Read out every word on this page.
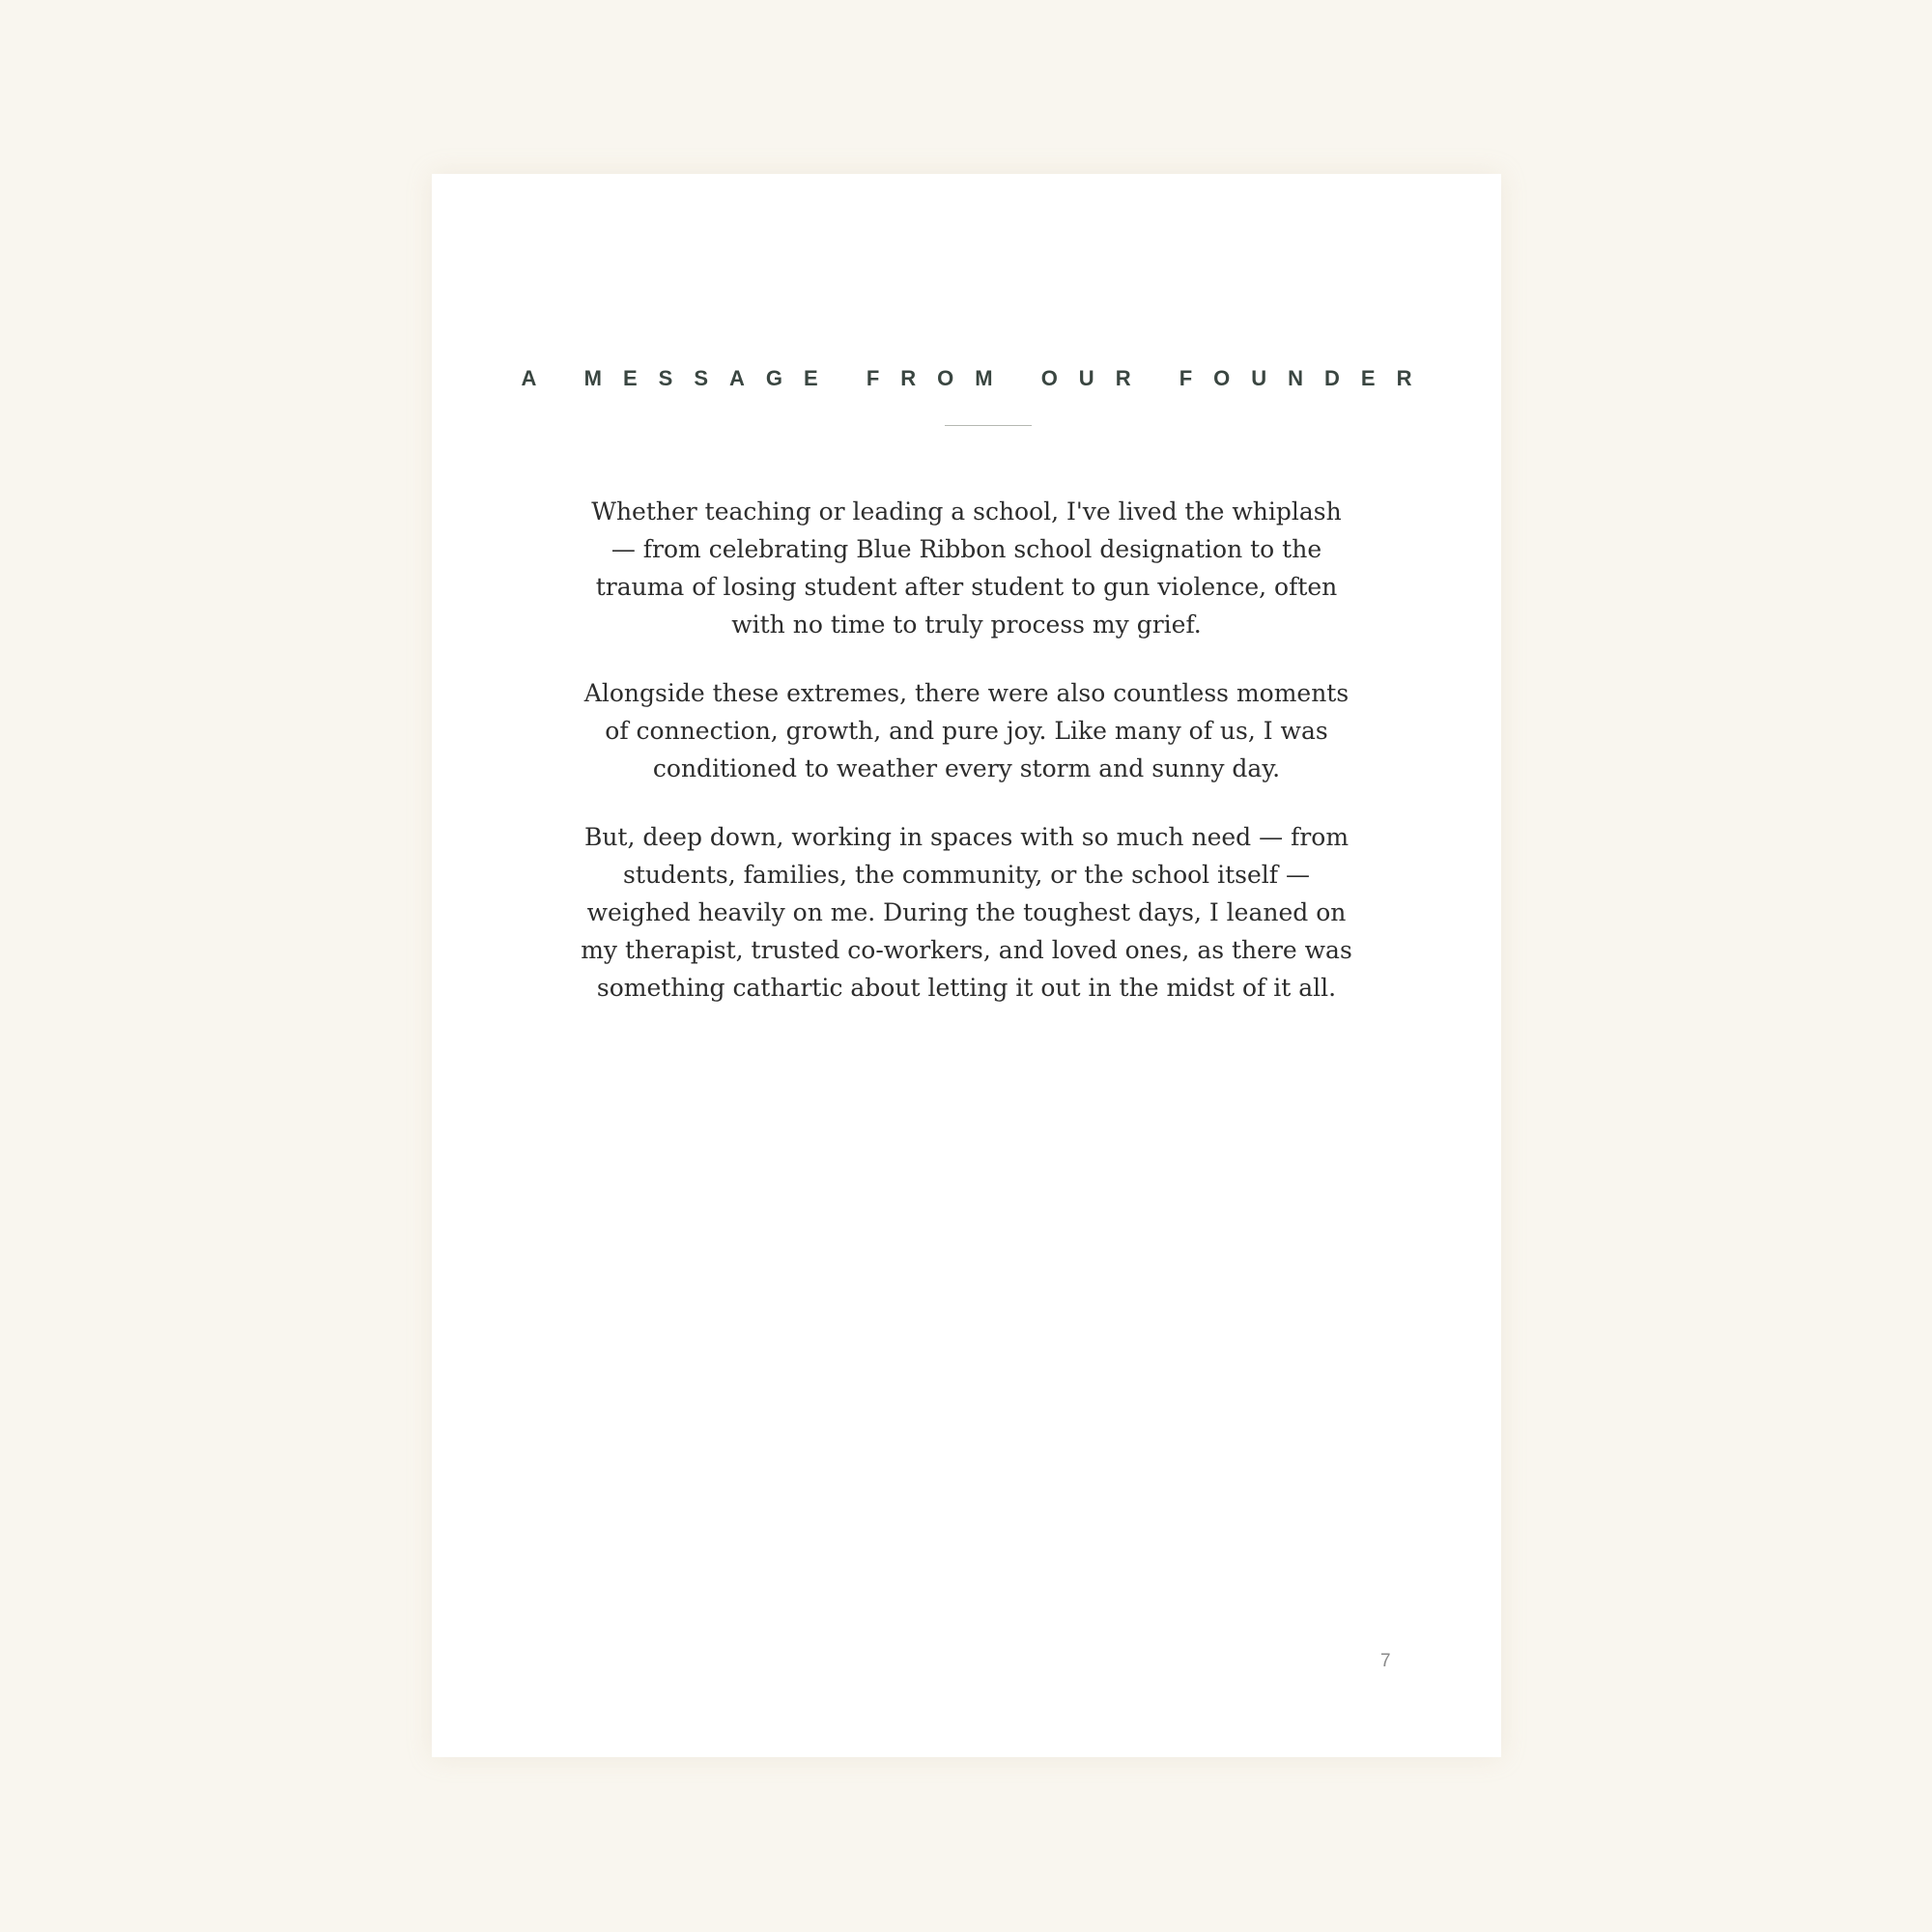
A MESSAGE FROM OUR FOUNDER

Whether teaching or leading a school, I've lived the whiplash — from celebrating Blue Ribbon school designation to the trauma of losing student after student to gun violence, often with no time to truly process my grief.

Alongside these extremes, there were also countless moments of connection, growth, and pure joy. Like many of us, I was conditioned to weather every storm and sunny day.

But, deep down, working in spaces with so much need — from students, families, the community, or the school itself — weighed heavily on me. During the toughest days, I leaned on my therapist, trusted co-workers, and loved ones, as there was something cathartic about letting it out in the midst of it all.

7
